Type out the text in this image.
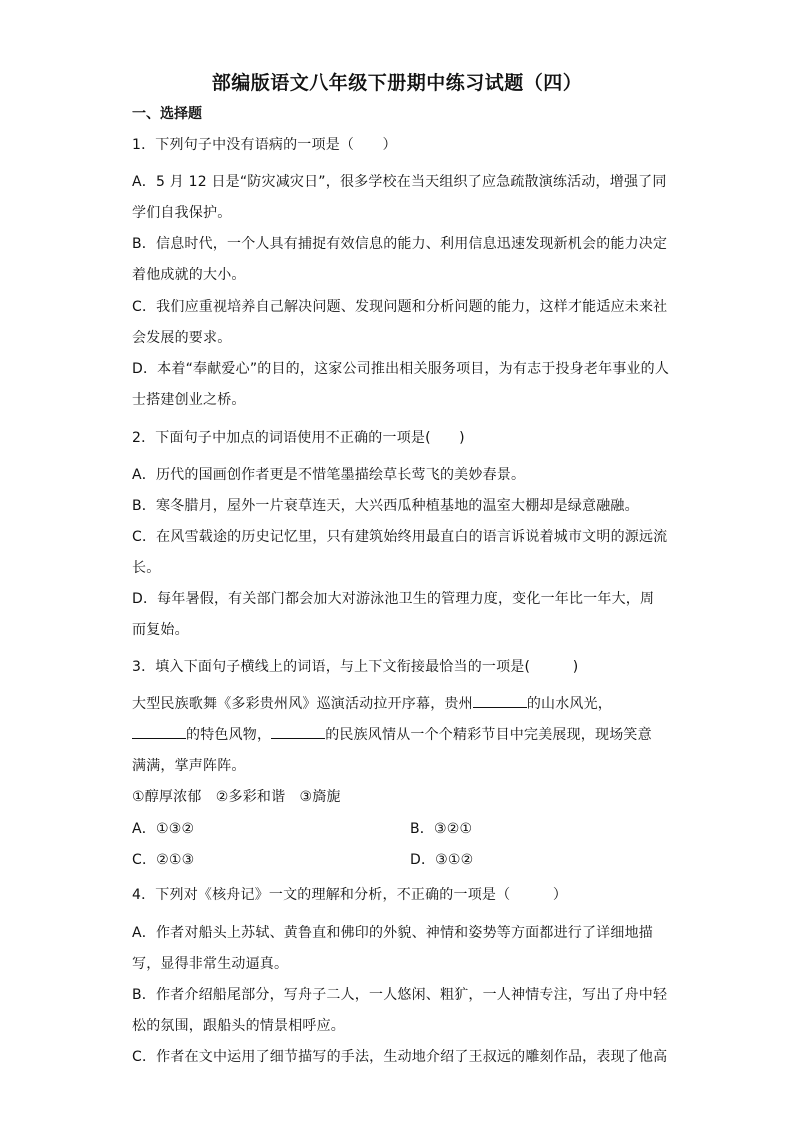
部编版语文八年级下册期中练习试题（四）
一、选择题
1．下列句子中没有语病的一项是（　　）
A．5 月 12 日是“防灾减灾日”，很多学校在当天组织了应急疏散演练活动，增强了同
学们自我保护。
B．信息时代，一个人具有捕捉有效信息的能力、利用信息迅速发现新机会的能力决定
着他成就的大小。
C．我们应重视培养自己解决问题、发现问题和分析问题的能力，这样才能适应未来社
会发展的要求。
D．本着“奉献爱心”的目的，这家公司推出相关服务项目，为有志于投身老年事业的人
士搭建创业之桥。
2．下面句子中加点的词语使用不正确的一项是(　　)
A．历代的国画创作者更是不惜笔墨描绘草长莺飞的美妙春景。
B．寒冬腊月，屋外一片衰草连天，大兴西瓜种植基地的温室大棚却是绿意融融。
C．在风雪载途的历史记忆里，只有建筑始终用最直白的语言诉说着城市文明的源远流
长。
D．每年暑假，有关部门都会加大对游泳池卫生的管理力度，变化一年比一年大，周
而复始。
3．填入下面句子横线上的词语，与上下文衔接最恰当的一项是(　　　)
大型民族歌舞《多彩贵州风》巡演活动拉开序幕，贵州	的山水风光，
的特色风物，	的民族风情从一个个精彩节目中完美展现，现场笑意
满满，掌声阵阵。
①醇厚浓郁　②多彩和谐　③旖旎
A．①③②	B．③②①
C．②①③	D．③①②
4．下列对《核舟记》一文的理解和分析，不正确的一项是（　　　）
A．作者对船头上苏轼、黄鲁直和佛印的外貌、神情和姿势等方面都进行了详细地描
写，显得非常生动逼真。
B．作者介绍船尾部分，写舟子二人，一人悠闲、粗犷，一人神情专注，写出了舟中轻
松的氛围，跟船头的情景相呼应。
C．作者在文中运用了细节描写的手法，生动地介绍了王叔远的雕刻作品，表现了他高
